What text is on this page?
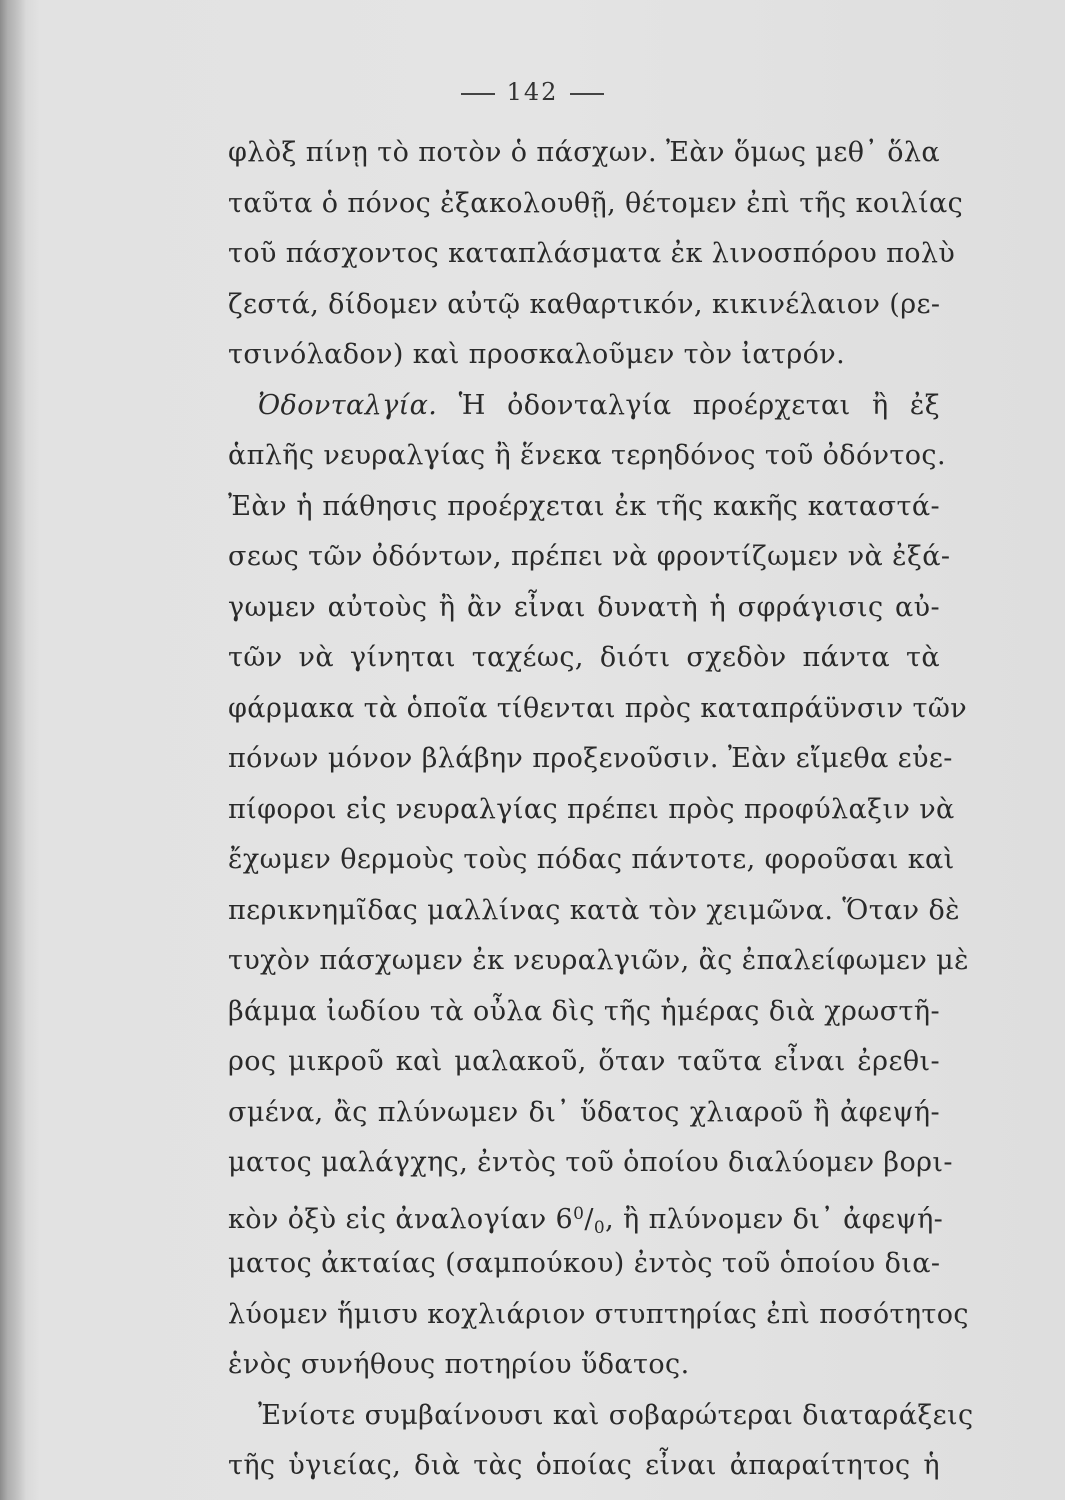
142
φλὸξ πίνῃ τὸ ποτὸν ὁ πάσχων. Ἐὰν ὅμως μεθ᾽ ὅλα
ταῦτα ὁ πόνος ἐξακολουθῇ, θέτομεν ἐπὶ τῆς κοιλίας
τοῦ πάσχοντος καταπλάσματα ἐκ λινοσπόρου πολὺ
ζεστά, δίδομεν αὐτῷ καθαρτικόν, κικινέλαιον (ρε-
τσινόλαδον) καὶ προσκαλοῦμεν τὸν ἰατρόν.
Ὀδονταλγία. Ἡ ὀδονταλγία προέρχεται ἢ ἐξ
ἁπλῆς νευραλγίας ἢ ἕνεκα τερηδόνος τοῦ ὀδόντος.
Ἐὰν ἡ πάθησις προέρχεται ἐκ τῆς κακῆς καταστά-
σεως τῶν ὀδόντων, πρέπει νὰ φροντίζωμεν νὰ ἐξά-
γωμεν αὐτοὺς ἢ ἂν εἶναι δυνατὴ ἡ σφράγισις αὐ-
τῶν νὰ γίνηται ταχέως, διότι σχεδὸν πάντα τὰ
φάρμακα τὰ ὁποῖα τίθενται πρὸς καταπράϋνσιν τῶν
πόνων μόνον βλάβην προξενοῦσιν. Ἐὰν εἴμεθα εὐε-
πίφοροι εἰς νευραλγίας πρέπει πρὸς προφύλαξιν νὰ
ἔχωμεν θερμοὺς τοὺς πόδας πάντοτε, φοροῦσαι καὶ
περικνημῖδας μαλλίνας κατὰ τὸν χειμῶνα. Ὅταν δὲ
τυχὸν πάσχωμεν ἐκ νευραλγιῶν, ἂς ἐπαλείφωμεν μὲ
βάμμα ἰωδίου τὰ οὖλα δὶς τῆς ἡμέρας διὰ χρωστῆ-
ρος μικροῦ καὶ μαλακοῦ, ὅταν ταῦτα εἶναι ἐρεθι-
σμένα, ἂς πλύνωμεν δι᾽ ὕδατος χλιαροῦ ἢ ἀφεψή-
ματος μαλάγχης, ἐντὸς τοῦ ὁποίου διαλύομεν βορι-
κὸν ὀξὺ εἰς ἀναλογίαν $6^0/_0$, ἢ πλύνομεν δι᾽ ἀφεψή-
ματος ἀκταίας (σαμπούκου) ἐντὸς τοῦ ὁποίου δια-
λύομεν ἥμισυ κοχλιάριον στυπτηρίας ἐπὶ ποσότητος
ἑνὸς συνήθους ποτηρίου ὕδατος.
Ἐνίοτε συμβαίνουσι καὶ σοβαρώτεραι διαταράξεις
τῆς ὑγιείας, διὰ τὰς ὁποίας εἶναι ἀπαραίτητος ἡ
